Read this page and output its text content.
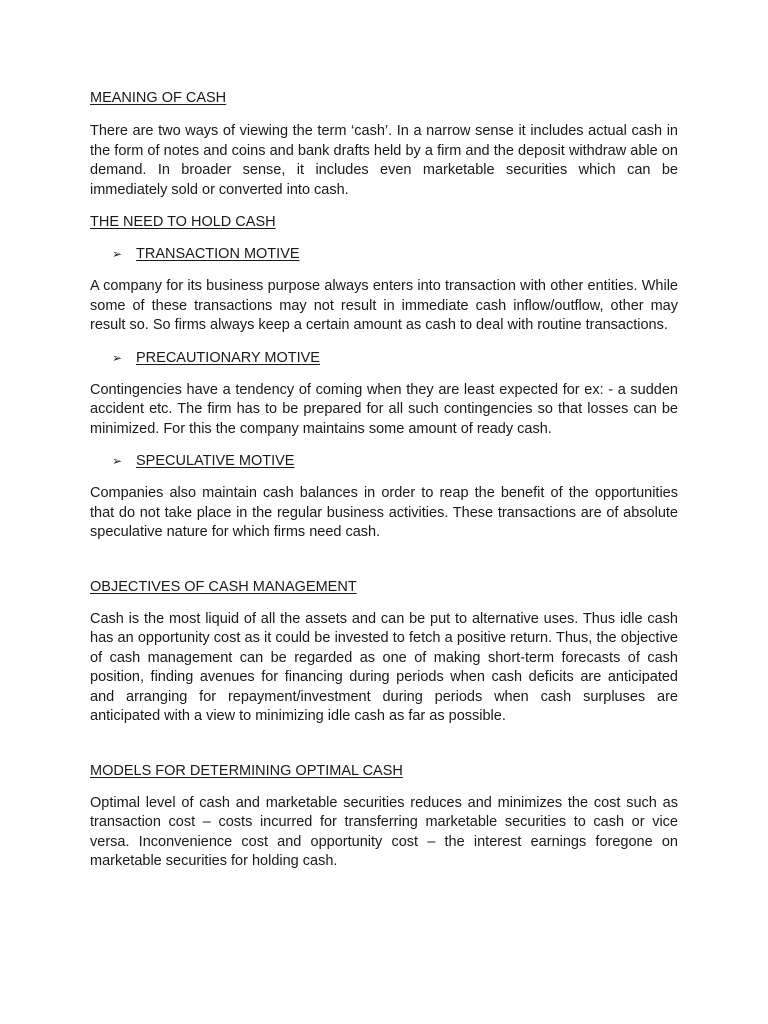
MEANING OF CASH

There are two ways of viewing the term ‘cash’. In a narrow sense it includes actual cash in the form of notes and coins and bank drafts held by a firm and the deposit withdraw able on demand. In broader sense, it includes even marketable securities which can be immediately sold or converted into cash.

THE NEED TO HOLD CASH
➢ TRANSACTION MOTIVE

A company for its business purpose always enters into transaction with other entities. While some of these transactions may not result in immediate cash inflow/outflow, other may result so. So firms always keep a certain amount as cash to deal with routine transactions.

➢ PRECAUTIONARY MOTIVE

Contingencies have a tendency of coming when they are least expected for ex: - a sudden accident etc. The firm has to be prepared for all such contingencies so that losses can be minimized. For this the company maintains some amount of ready cash.

➢ SPECULATIVE MOTIVE

Companies also maintain cash balances in order to reap the benefit of the opportunities that do not take place in the regular business activities. These transactions are of absolute speculative nature for which firms need cash.

OBJECTIVES OF CASH MANAGEMENT

Cash is the most liquid of all the assets and can be put to alternative uses. Thus idle cash has an opportunity cost as it could be invested to fetch a positive return. Thus, the objective of cash management can be regarded as one of making short-term forecasts of cash position, finding avenues for financing during periods when cash deficits are anticipated and arranging for repayment/investment during periods when cash surpluses are anticipated with a view to minimizing idle cash as far as possible.

MODELS FOR DETERMINING OPTIMAL CASH

Optimal level of cash and marketable securities reduces and minimizes the cost such as transaction cost – costs incurred for transferring marketable securities to cash or vice versa. Inconvenience cost and opportunity cost – the interest earnings foregone on marketable securities for holding cash.
